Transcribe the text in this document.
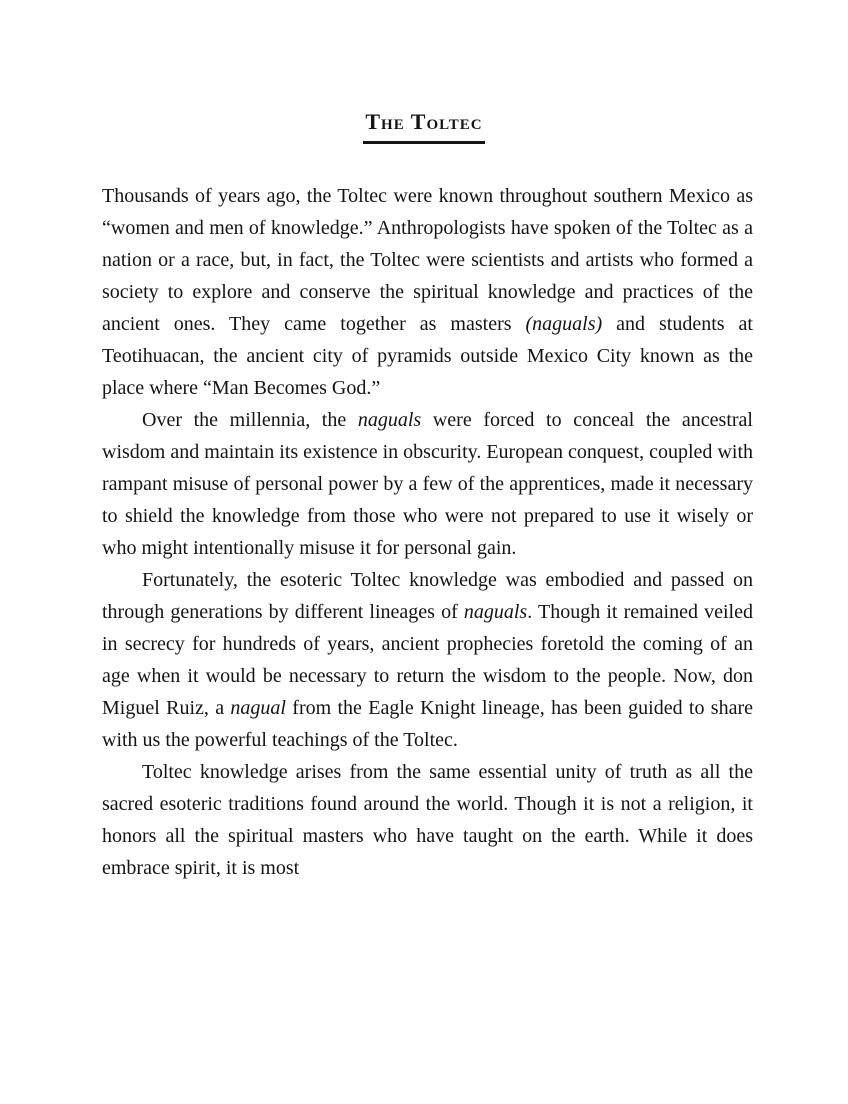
The Toltec

Thousands of years ago, the Toltec were known throughout southern Mexico as “women and men of knowledge.” Anthropologists have spoken of the Toltec as a nation or a race, but, in fact, the Toltec were scientists and artists who formed a society to explore and conserve the spiritual knowledge and practices of the ancient ones. They came together as masters (naguals) and students at Teotihuacan, the ancient city of pyramids outside Mexico City known as the place where “Man Becomes God.”

Over the millennia, the naguals were forced to conceal the ancestral wisdom and maintain its existence in obscurity. European conquest, coupled with rampant misuse of personal power by a few of the apprentices, made it necessary to shield the knowledge from those who were not prepared to use it wisely or who might intentionally misuse it for personal gain.

Fortunately, the esoteric Toltec knowledge was embodied and passed on through generations by different lineages of naguals. Though it remained veiled in secrecy for hundreds of years, ancient prophecies foretold the coming of an age when it would be necessary to return the wisdom to the people. Now, don Miguel Ruiz, a nagual from the Eagle Knight lineage, has been guided to share with us the powerful teachings of the Toltec.

Toltec knowledge arises from the same essential unity of truth as all the sacred esoteric traditions found around the world. Though it is not a religion, it honors all the spiritual masters who have taught on the earth. While it does embrace spirit, it is most
